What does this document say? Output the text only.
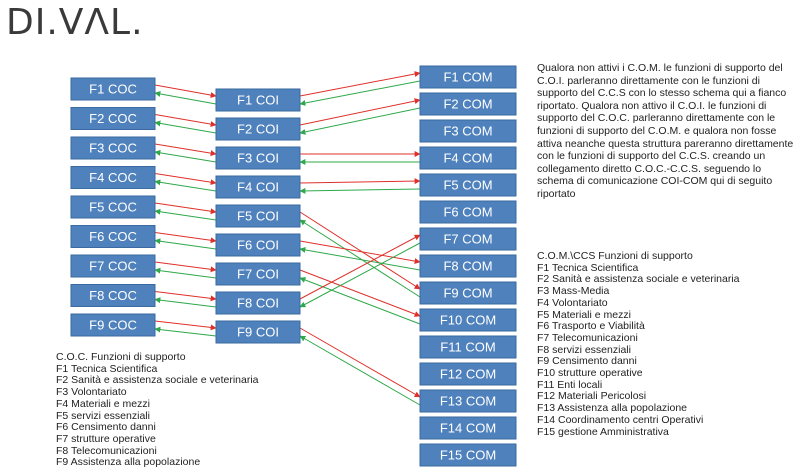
DI.VΛL.
F1 COC
F2 COC
F3 COC
F4 COC
F5 COC
F6 COC
F7 COC
F8 COC
F9 COC
F1 COI
F2 COI
F3 COI
F4 COI
F5 COI
F6 COI
F7 COI
F8 COI
F9 COI
F1 COM
F2 COM
F3 COM
F4 COM
F5 COM
F6 COM
F7 COM
F8 COM
F9 COM
F10 COM
F11 COM
F12 COM
F13 COM
F14 COM
F15 COM
Qualora non attivi i C.O.M. le funzioni di supporto del C.O.I. parleranno direttamente con le funzioni di supporto del C.C.S con lo stesso schema qui a fianco riportato. Qualora non attivo il C.O.I. le funzioni di supporto del C.O.C. parleranno direttamente con le funzioni di supporto del C.O.M. e qualora non fosse attiva neanche questa struttura pareranno direttamente con le funzioni di supporto del C.C.S. creando un collegamento diretto C.O.C.-C.C.S. seguendo lo schema di comunicazione COI-COM qui di seguito riportato
C.O.M.\CCS Funzioni di supporto
F1 Tecnica Scientifica
F2 Sanità e assistenza sociale e veterinaria
F3 Mass-Media
F4 Volontariato
F5 Materiali e mezzi
F6 Trasporto e Viabilità
F7 Telecomunicazioni
F8 servizi essenziali
F9 Censimento danni
F10 strutture operative
F11 Enti locali
F12 Materiali Pericolosi
F13 Assistenza alla popolazione
F14 Coordinamento centri Operativi
F15 gestione Amministrativa
C.O.C. Funzioni di supporto
F1 Tecnica Scientifica
F2 Sanità e assistenza sociale e veterinaria
F3 Volontariato
F4 Materiali e mezzi
F5 servizi essenziali
F6 Censimento danni
F7 strutture operative
F8 Telecomunicazioni
F9 Assistenza alla popolazione
